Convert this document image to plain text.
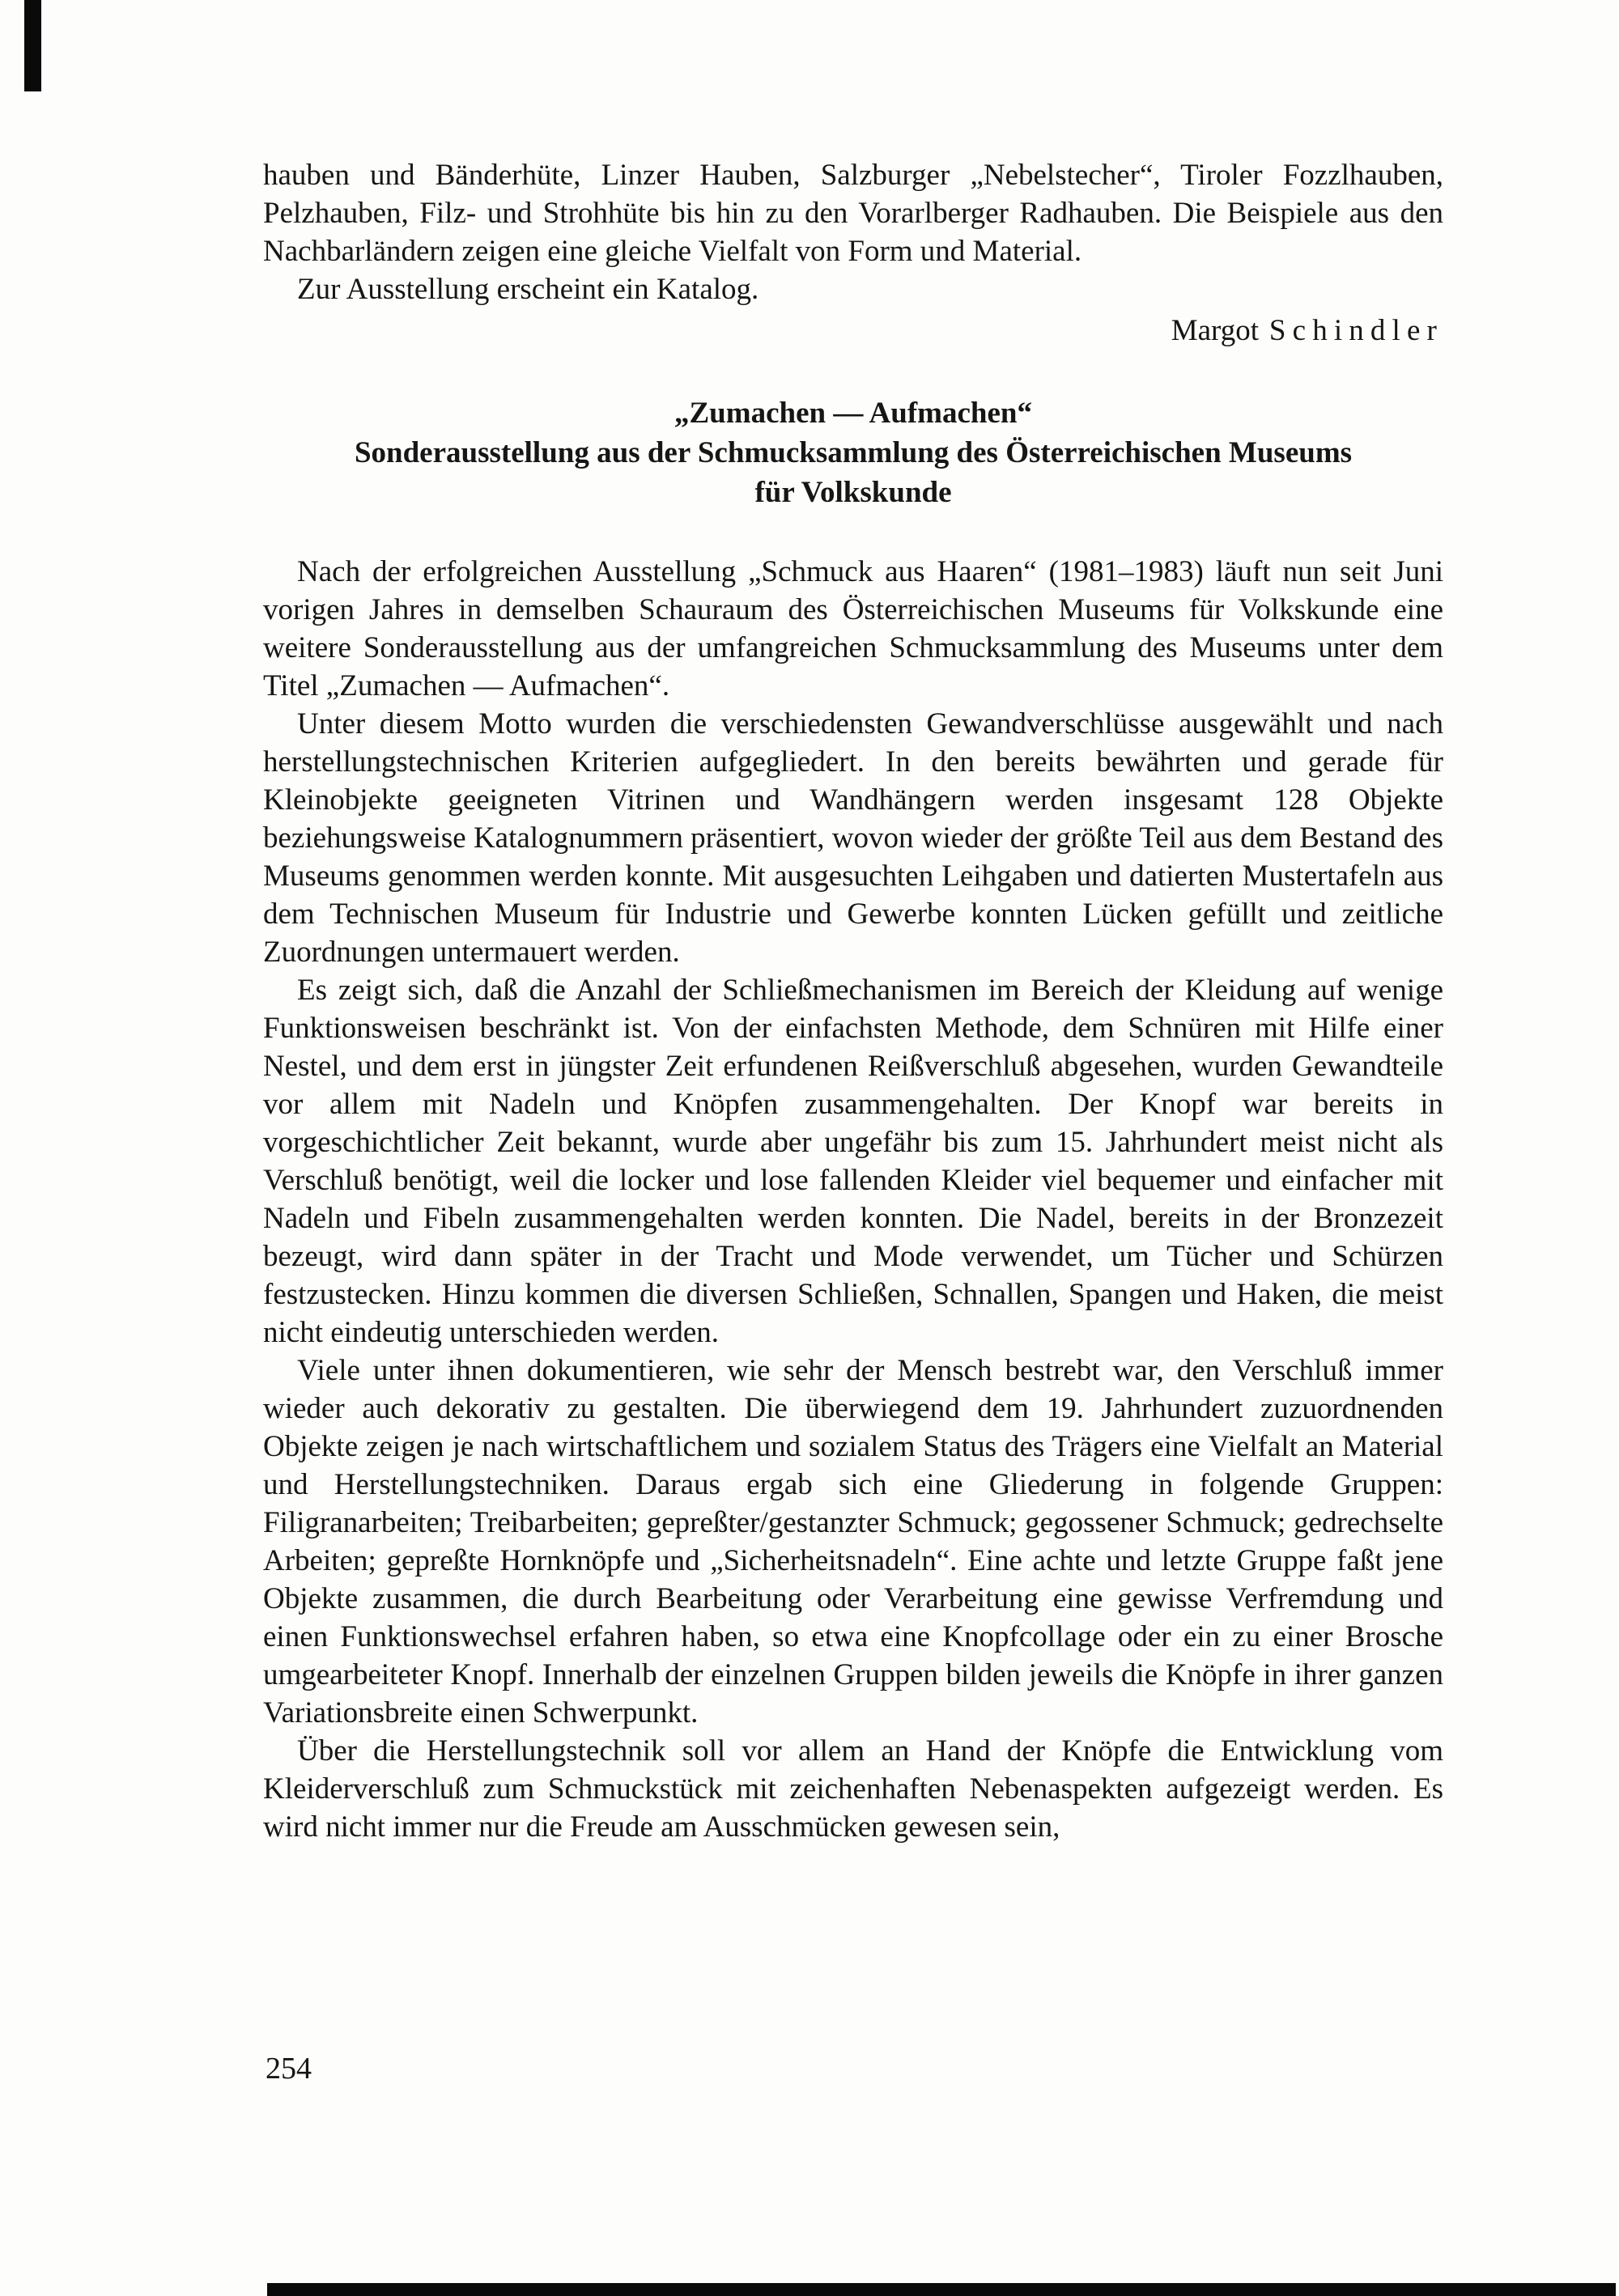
hauben und Bänderhüte, Linzer Hauben, Salzburger „Nebelstecher“, Tiroler Fozzlhauben, Pelzhauben, Filz- und Strohhüte bis hin zu den Vorarlberger Radhauben. Die Beispiele aus den Nachbarländern zeigen eine gleiche Vielfalt von Form und Material.

Zur Ausstellung erscheint ein Katalog.

Margot Schindler

„Zumachen — Aufmachen“
Sonderausstellung aus der Schmucksammlung des Österreichischen Museums
für Volkskunde

Nach der erfolgreichen Ausstellung „Schmuck aus Haaren“ (1981–1983) läuft nun seit Juni vorigen Jahres in demselben Schauraum des Österreichischen Museums für Volkskunde eine weitere Sonderausstellung aus der umfangreichen Schmucksammlung des Museums unter dem Titel „Zumachen — Aufmachen“.

Unter diesem Motto wurden die verschiedensten Gewandverschlüsse ausgewählt und nach herstellungstechnischen Kriterien aufgegliedert. In den bereits bewährten und gerade für Kleinobjekte geeigneten Vitrinen und Wandhängern werden insgesamt 128 Objekte beziehungsweise Katalognummern präsentiert, wovon wieder der größte Teil aus dem Bestand des Museums genommen werden konnte. Mit ausgesuchten Leihgaben und datierten Mustertafeln aus dem Technischen Museum für Industrie und Gewerbe konnten Lücken gefüllt und zeitliche Zuordnungen untermauert werden.

Es zeigt sich, daß die Anzahl der Schließmechanismen im Bereich der Kleidung auf wenige Funktionsweisen beschränkt ist. Von der einfachsten Methode, dem Schnüren mit Hilfe einer Nestel, und dem erst in jüngster Zeit erfundenen Reißverschluß abgesehen, wurden Gewandteile vor allem mit Nadeln und Knöpfen zusammengehalten. Der Knopf war bereits in vorgeschichtlicher Zeit bekannt, wurde aber ungefähr bis zum 15. Jahrhundert meist nicht als Verschluß benötigt, weil die locker und lose fallenden Kleider viel bequemer und einfacher mit Nadeln und Fibeln zusammengehalten werden konnten. Die Nadel, bereits in der Bronzezeit bezeugt, wird dann später in der Tracht und Mode verwendet, um Tücher und Schürzen festzustecken. Hinzu kommen die diversen Schließen, Schnallen, Spangen und Haken, die meist nicht eindeutig unterschieden werden.

Viele unter ihnen dokumentieren, wie sehr der Mensch bestrebt war, den Verschluß immer wieder auch dekorativ zu gestalten. Die überwiegend dem 19. Jahrhundert zuzuordnenden Objekte zeigen je nach wirtschaftlichem und sozialem Status des Trägers eine Vielfalt an Material und Herstellungstechniken. Daraus ergab sich eine Gliederung in folgende Gruppen: Filigranarbeiten; Treibarbeiten; gepreßter/gestanzter Schmuck; gegossener Schmuck; gedrechselte Arbeiten; gepreßte Hornknöpfe und „Sicherheitsnadeln“. Eine achte und letzte Gruppe faßt jene Objekte zusammen, die durch Bearbeitung oder Verarbeitung eine gewisse Verfremdung und einen Funktionswechsel erfahren haben, so etwa eine Knopfcollage oder ein zu einer Brosche umgearbeiteter Knopf. Innerhalb der einzelnen Gruppen bilden jeweils die Knöpfe in ihrer ganzen Variationsbreite einen Schwerpunkt.

Über die Herstellungstechnik soll vor allem an Hand der Knöpfe die Entwicklung vom Kleiderverschluß zum Schmuckstück mit zeichenhaften Nebenaspekten aufgezeigt werden. Es wird nicht immer nur die Freude am Ausschmücken gewesen sein,

254
